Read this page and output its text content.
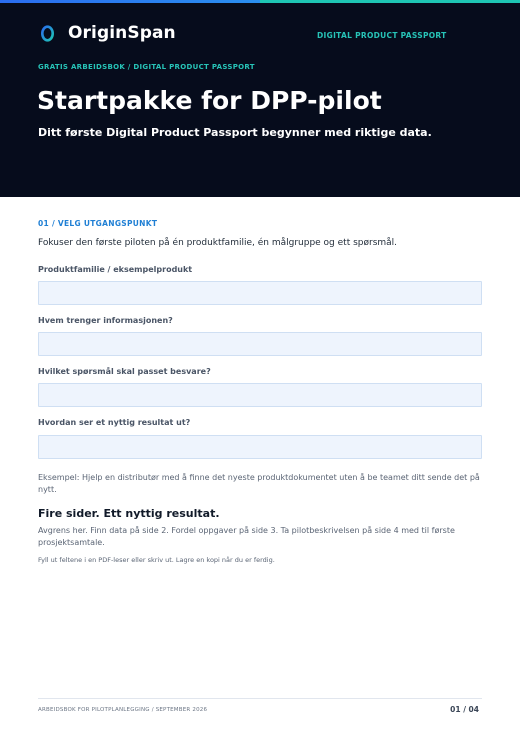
OriginSpan	DIGITAL PRODUCT PASSPORT
GRATIS ARBEIDSBOK / DIGITAL PRODUCT PASSPORT
Startpakke for DPP-pilot
Ditt første Digital Product Passport begynner med riktige data.
01 / VELG UTGANGSPUNKT
Fokuser den første piloten på én produktfamilie, én målgruppe og ett spørsmål.
Produktfamilie / eksempelprodukt
Hvem trenger informasjonen?
Hvilket spørsmål skal passet besvare?
Hvordan ser et nyttig resultat ut?
Eksempel: Hjelp en distributør med å finne det nyeste produktdokumentet uten å be teamet ditt sende det på nytt.
Fire sider. Ett nyttig resultat.
Avgrens her. Finn data på side 2. Fordel oppgaver på side 3. Ta pilotbeskrivelsen på side 4 med til første prosjektsamtale.
Fyll ut feltene i en PDF-leser eller skriv ut. Lagre en kopi når du er ferdig.
ARBEIDSBOK FOR PILOTPLANLEGGING / SEPTEMBER 2026	01 / 04
